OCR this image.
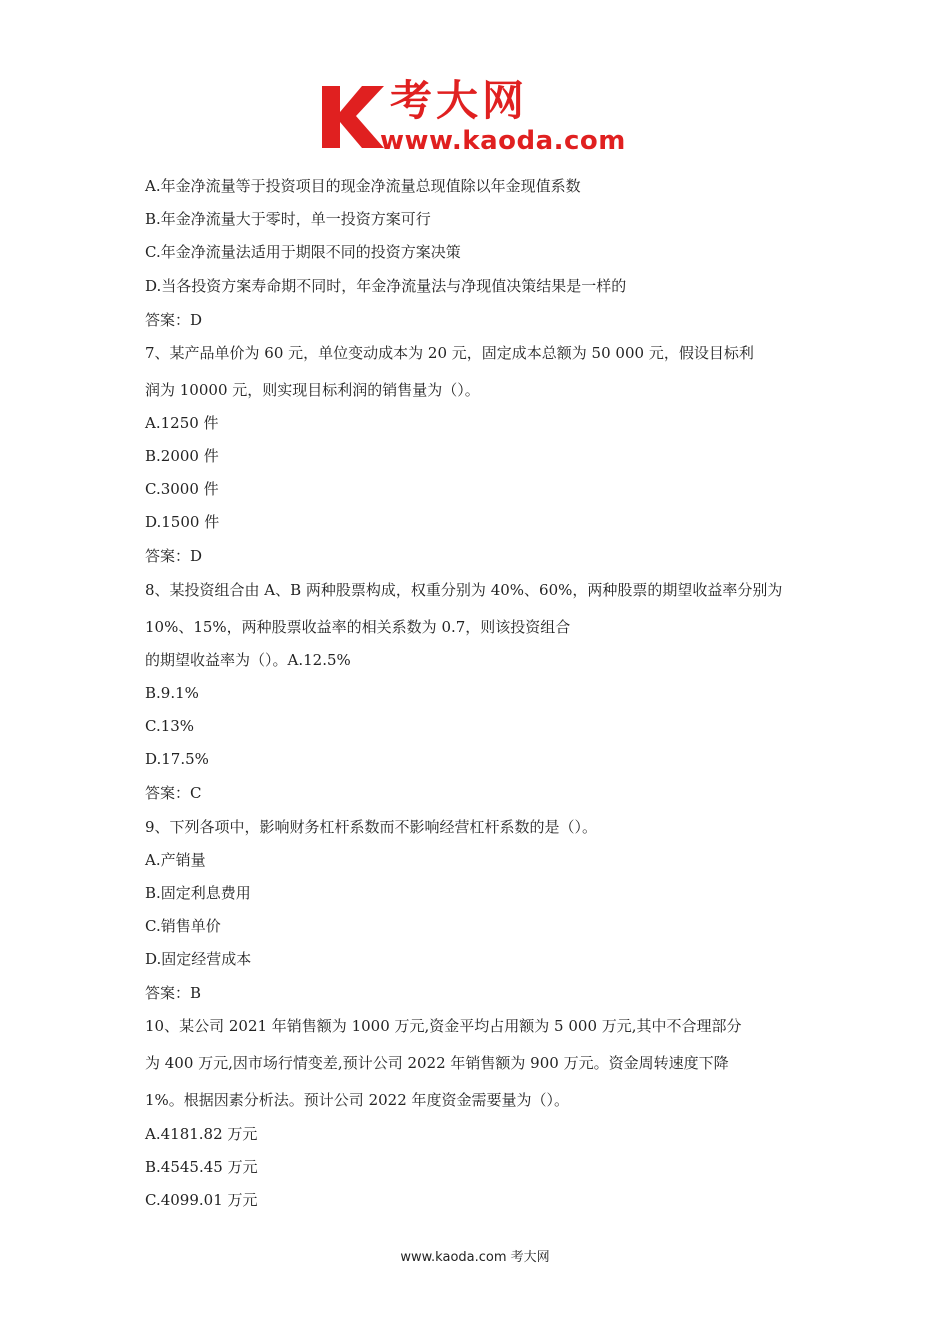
考大网
www.kaoda.com
A.年金净流量等于投资项目的现金净流量总现值除以年金现值系数
B.年金净流量大于零时，单一投资方案可行
C.年金净流量法适用于期限不同的投资方案决策
D.当各投资方案寿命期不同时，年金净流量法与净现值决策结果是一样的
答案：D
7、某产品单价为 60 元，单位变动成本为 20 元，固定成本总额为 50 000 元，假设目标利
润为 10000 元，则实现目标利润的销售量为（）。
A.1250 件
B.2000 件
C.3000 件
D.1500 件
答案：D
8、某投资组合由 A、B 两种股票构成，权重分别为 40%、60%，两种股票的期望收益率分别为
10%、15%，两种股票收益率的相关系数为 0.7，则该投资组合
的期望收益率为（）。A.12.5%
B.9.1%
C.13%
D.17.5%
答案：C
9、下列各项中，影响财务杠杆系数而不影响经营杠杆系数的是（）。
A.产销量
B.固定利息费用
C.销售单价
D.固定经营成本
答案：B
10、某公司 2021 年销售额为 1000 万元,资金平均占用额为 5 000 万元,其中不合理部分
为 400 万元,因市场行情变差,预计公司 2022 年销售额为 900 万元。资金周转速度下降
1%。根据因素分析法。预计公司 2022 年度资金需要量为（）。
A.4181.82 万元
B.4545.45 万元
C.4099.01 万元
www.kaoda.com 考大网
